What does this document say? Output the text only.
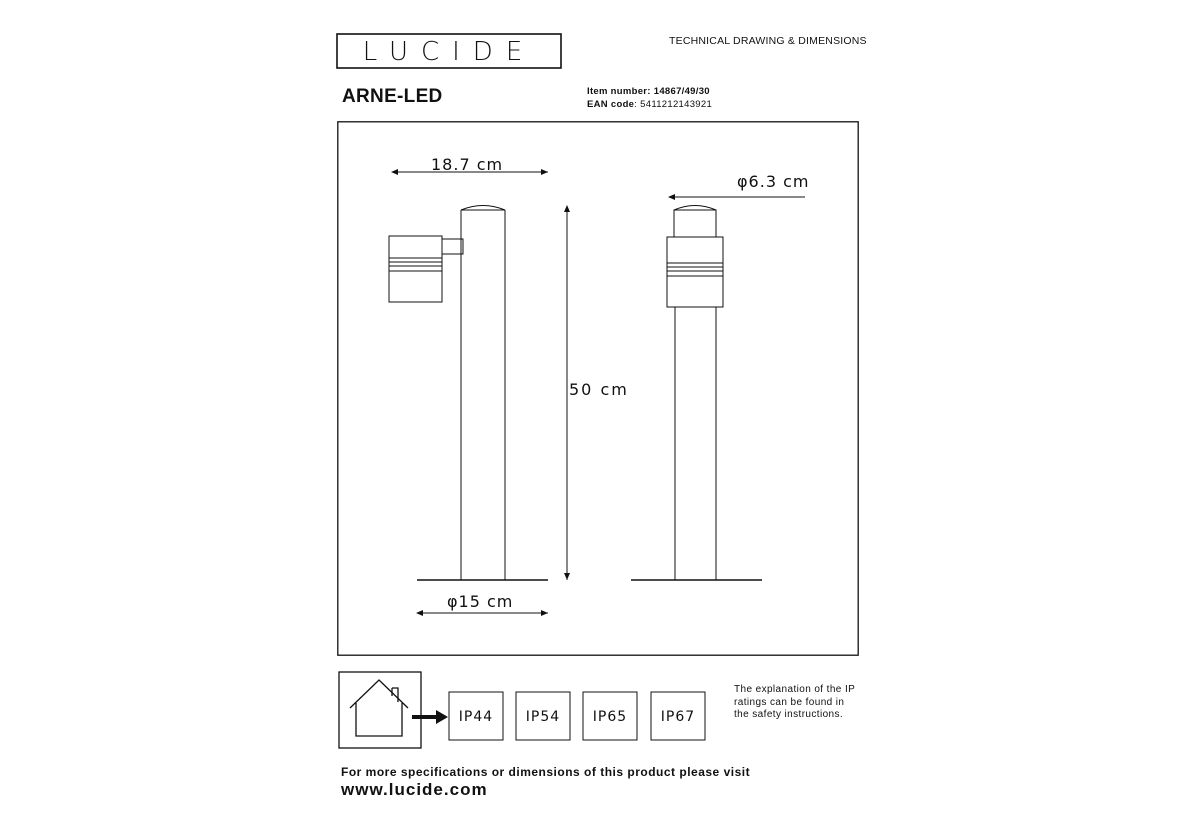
LUCIDE	TECHNICAL DRAWING & DIMENSIONS
ARNE-LED	Item number: 14867/49/30
EAN code: 5411212143921
18.7 cm
50 cm
φ15 cm
φ6.3 cm
IP44 IP54 IP65 IP67
The explanation of the IP ratings can be found in the safety instructions.
For more specifications or dimensions of this product please visit
www.lucide.com
